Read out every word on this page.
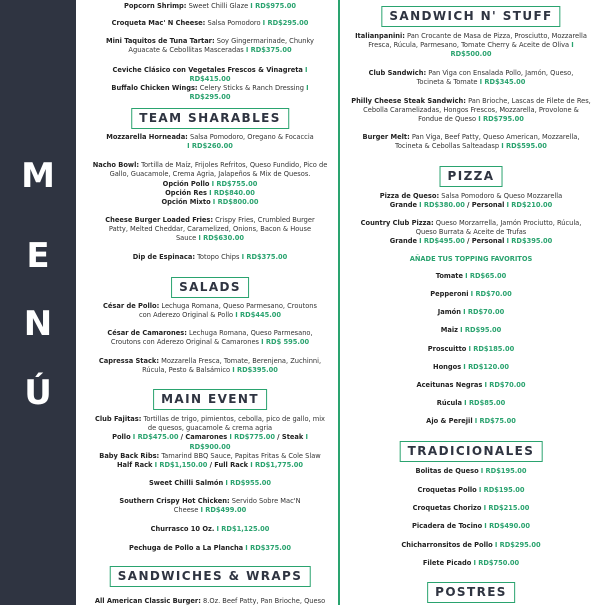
M
E
N
Ú
Popcorn Shrimp: Sweet Chilli Glaze I RD$975.00
Croqueta Mac' N Cheese: Salsa Pomodoro I RD$295.00
Mini Taquitos de Tuna Tartar: Soy Gingermarinade, Chunky Aguacate & Cebollitas Masceradas I RD$375.00
Ceviche Clásico con Vegetales Frescos & Vinagreta I RD$415.00
Buffalo Chicken Wings: Celery Sticks & Ranch Dressing I RD$295.00
TEAM SHARABLES
Mozzarella Horneada: Salsa Pomodoro, Oregano & Focaccia I RD$260.00
Nacho Bowl: Tortilla de Maíz, Frijoles Refritos, Queso Fundido, Pico de Gallo, Guacamole, Crema Agria, Jalapeños & Mix de Quesos.
Opción Pollo I RD$755.00
Opción Res I RD$840.00
Opción Mixto I RD$800.00
Cheese Burger Loaded Fries: Crispy Fries, Crumbled Burger Patty, Melted Cheddar, Caramelized, Onions, Bacon & House Sauce I RD$630.00
Dip de Espinaca: Totopo Chips I RD$375.00
SALADS
César de Pollo: Lechuga Romana, Queso Parmesano, Croutons con Aderezo Original & Pollo I RD$445.00
César de Camarones: Lechuga Romana, Queso Parmesano, Croutons con Aderezo Original & Camarones I RD$ 595.00
Capressa Stack: Mozzarella Fresca, Tomate, Berenjena, Zuchinni, Rúcula, Pesto & Balsámico I RD$395.00
MAIN EVENT
Club Fajitas: Tortillas de trigo, pimientos, cebolla, pico de gallo, mix de quesos, guacamole & crema agria
Pollo I RD$475.00 / Camarones I RD$775.00 / Steak I RD$900.00
Baby Back Ribs: Tamarind BBQ Sauce, Papitas Fritas & Cole Slaw
Half Rack I RD$1,150.00 / Full Rack I RD$1,775.00
Sweet Chilli Salmón I RD$955.00
Southern Crispy Hot Chicken: Servido Sobre Mac'N Cheese I RD$499.00
Churrasco 10 Oz. I RD$1,125.00
Pechuga de Pollo a La Plancha I RD$375.00
SANDWICHES & WRAPS
All American Classic Burger: 8.Oz. Beef Patty, Pan Brioche, Queso
SANDWICH N' STUFF
Italianpanini: Pan Crocante de Masa de Pizza, Prosciutto, Mozzarella Fresca, Rúcula, Parmesano, Tomate Cherry & Aceite de Oliva I RD$500.00
Club Sandwich: Pan Viga con Ensalada Pollo, Jamón, Queso, Tocineta & Tomate I RD$345.00
Philly Cheese Steak Sandwich: Pan Brioche, Lascas de Filete de Res, Cebolla Caramelizadas, Hongos Frescos, Mozzarella, Provolone & Fondue de Queso I RD$795.00
Burger Melt: Pan Viga, Beef Patty, Queso American, Mozzarella, Tocineta & Cebollas Salteadasp I RD$595.00
PIZZA
Pizza de Queso: Salsa Pomodoro & Queso Mozzarella
Grande I RD$380.00 / Personal I RD$210.00
Country Club Pizza: Queso Morzarrella, Jamón Prociutto, Rúcula, Queso Burrata & Aceite de Trufas
Grande I RD$495.00 / Personal I RD$395.00
AÑADE TUS TOPPING FAVORITOS
Tomate I RD$65.00
Pepperoni I RD$70.00
Jamón I RD$70.00
Maiz I RD$95.00
Proscuitto I RD$185.00
Hongos I RD$120.00
Aceitunas Negras I RD$70.00
Rúcula I RD$85.00
Ajo & Perejil I RD$75.00
TRADICIONALES
Bolitas de Queso I RD$195.00
Croquetas Pollo I RD$195.00
Croquetas Chorizo I RD$215.00
Picadera de Tocino I RD$490.00
Chicharronsitos de Pollo I RD$295.00
Filete Picado I RD$750.00
POSTRES
